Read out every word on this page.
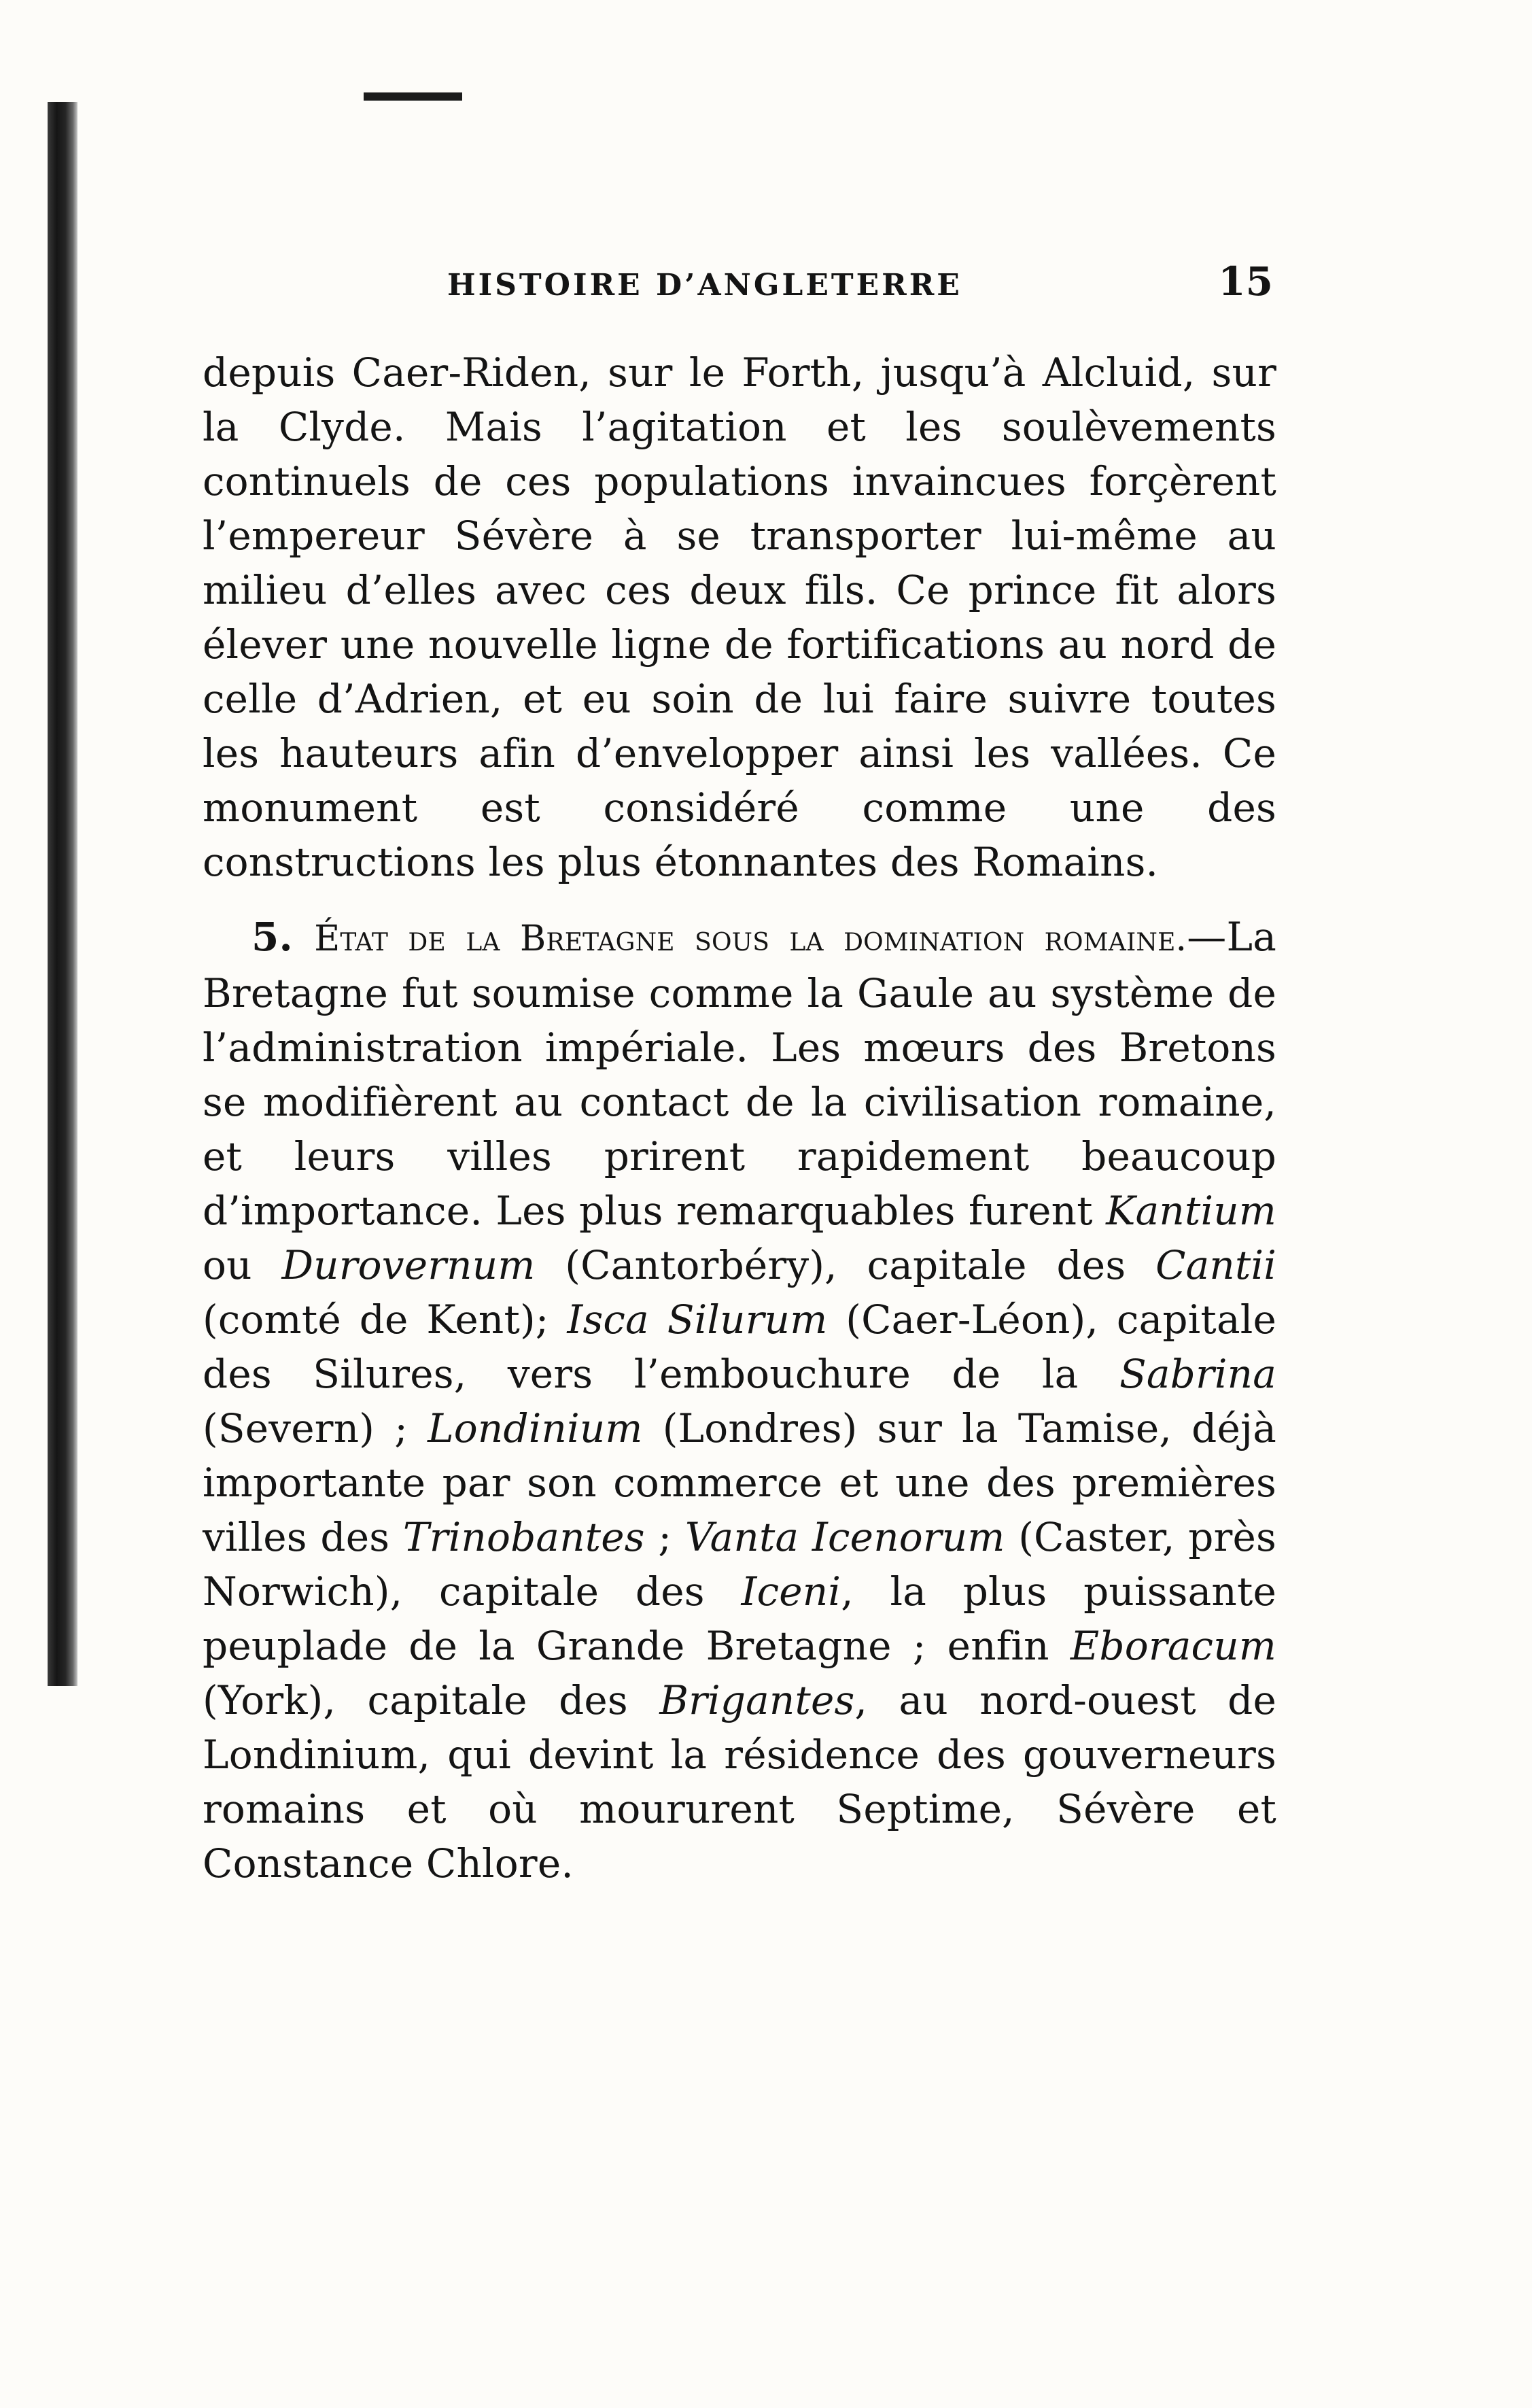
HISTOIRE D’ANGLETERRE	15

depuis Caer-Riden, sur le Forth, jusqu’à Alcluid, sur la Clyde. Mais l’agitation et les soulèvements continuels de ces populations invaincues forçèrent l’empereur Sévère à se transporter lui-même au milieu d’elles avec ces deux fils. Ce prince fit alors élever une nouvelle ligne de fortifications au nord de celle d’Adrien, et eu soin de lui faire suivre toutes les hauteurs afin d’envelopper ainsi les vallées. Ce monument est considéré comme une des constructions les plus étonnantes des Romains.

5. État de la Bretagne sous la domination romaine.—La Bretagne fut soumise comme la Gaule au système de l’administration impériale. Les mœurs des Bretons se modifièrent au contact de la civilisation romaine, et leurs villes prirent rapidement beaucoup d’importance. Les plus remarquables furent Kantium ou Durovernum (Cantorbéry), capitale des Cantii (comté de Kent); Isca Silurum (Caer-Léon), capitale des Silures, vers l’embouchure de la Sabrina (Severn) ; Londinium (Londres) sur la Tamise, déjà importante par son commerce et une des premières villes des Trinobantes ; Vanta Icenorum (Caster, près Norwich), capitale des Iceni, la plus puissante peuplade de la Grande Bretagne ; enfin Eboracum (York), capitale des Brigantes, au nord-ouest de Londinium, qui devint la résidence des gouverneurs romains et où moururent Septime, Sévère et Constance Chlore.
